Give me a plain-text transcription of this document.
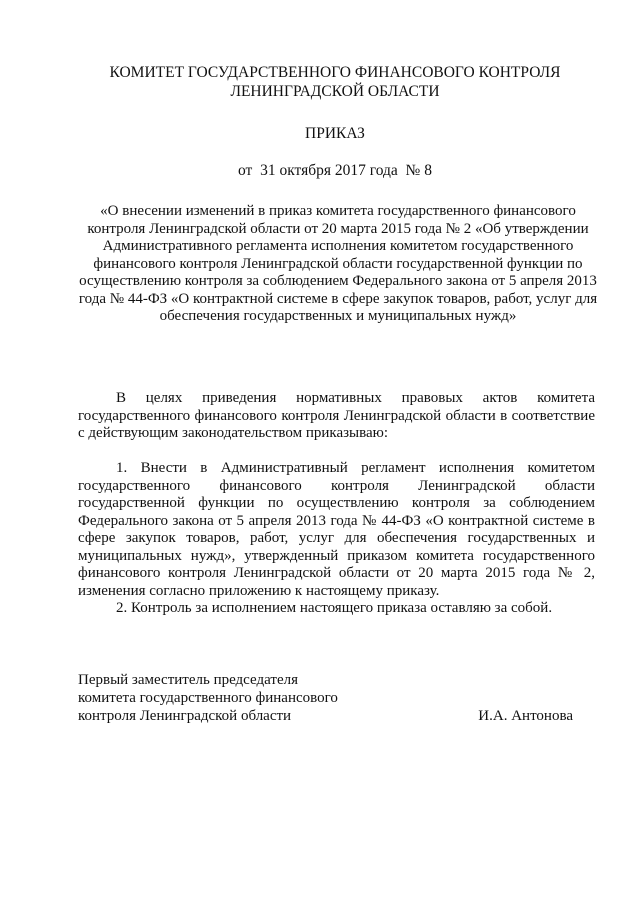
КОМИТЕТ ГОСУДАРСТВЕННОГО ФИНАНСОВОГО КОНТРОЛЯ
ЛЕНИНГРАДСКОЙ ОБЛАСТИ
ПРИКАЗ
от  31 октября 2017 года  № 8
«О внесении изменений в приказ комитета государственного финансового контроля Ленинградской области от 20 марта 2015 года № 2 «Об утверждении Административного регламента исполнения комитетом государственного финансового контроля Ленинградской области государственной функции по осуществлению контроля за соблюдением Федерального закона от 5 апреля 2013 года № 44-ФЗ «О контрактной системе в сфере закупок товаров, работ, услуг для обеспечения государственных и муниципальных нужд»
В целях приведения нормативных правовых актов комитета государственного финансового контроля Ленинградской области в соответствие с действующим законодательством приказываю:
1. Внести в Административный регламент исполнения комитетом государственного финансового контроля Ленинградской области государственной функции по осуществлению контроля за соблюдением Федерального закона от 5 апреля 2013 года № 44-ФЗ «О контрактной системе в сфере закупок товаров, работ, услуг для обеспечения государственных и муниципальных нужд», утвержденный приказом комитета государственного финансового контроля Ленинградской области от 20 марта 2015 года № 2, изменения согласно приложению к настоящему приказу.
2. Контроль за исполнением настоящего приказа оставляю за собой.
Первый заместитель председателя
комитета государственного финансового
контроля Ленинградской области	И.А. Антонова
